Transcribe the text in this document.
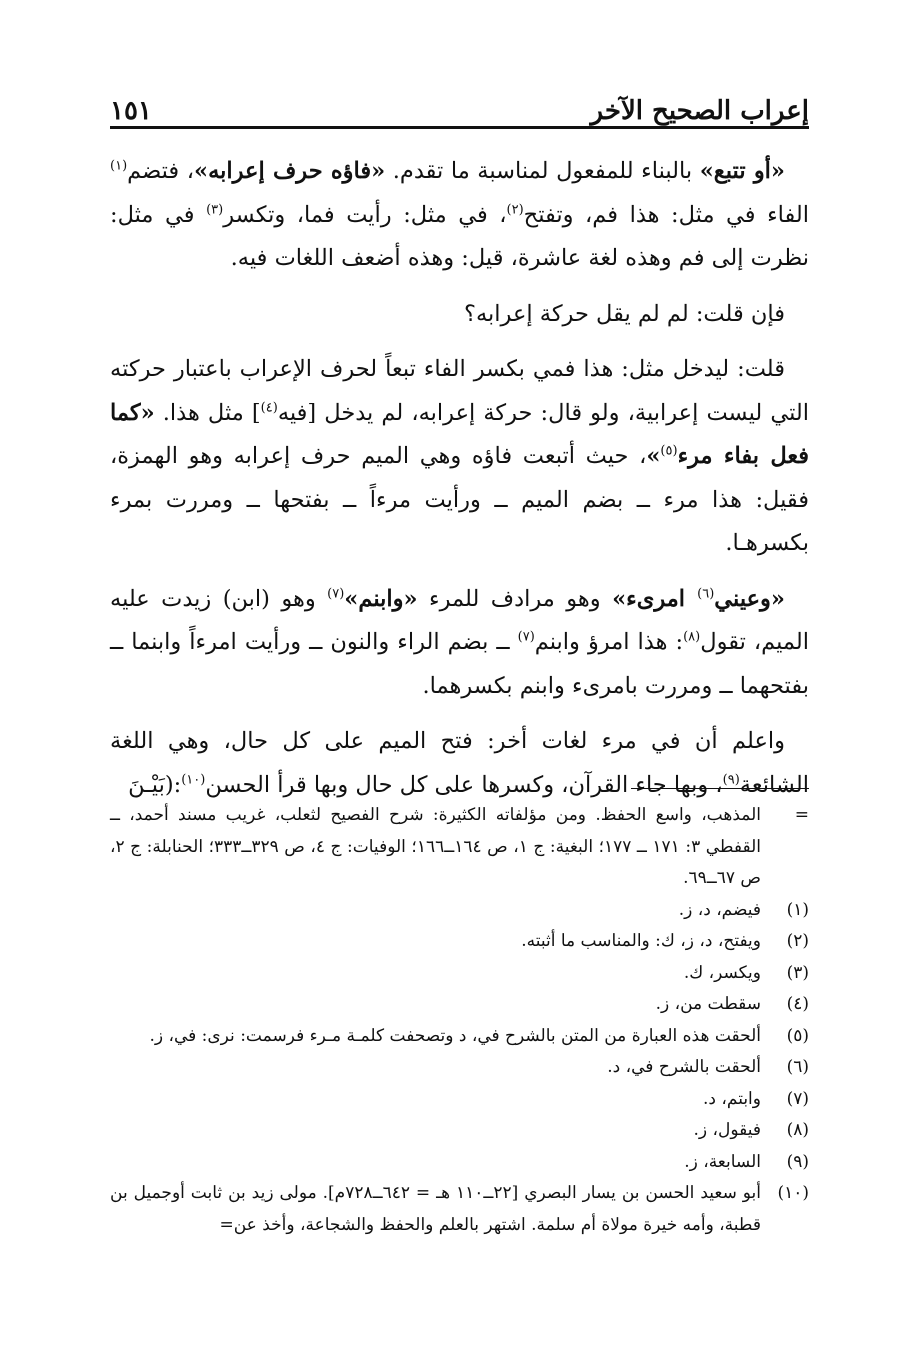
إعراب الصحيح الآخر
١٥١

«أو تتبع» بالبناء للمفعول لمناسبة ما تقدم. «فاؤه حرف إعرابه»، فتضم$^{(١)}$ الفاء في مثل: هذا فم، وتفتح$^{(٢)}$، في مثل: رأيت فما، وتكسر$^{(٣)}$ في مثل: نظرت إلى فم وهذه لغة عاشرة، قيل: وهذه أضعف اللغات فيه.

فإن قلت: لم لم يقل حركة إعرابه؟

قلت: ليدخل مثل: هذا فمي بكسر الفاء تبعاً لحرف الإعراب باعتبار حركته التي ليست إعرابية، ولو قال: حركة إعرابه، لم يدخل [فيه$^{(٤)}$] مثل هذا. «كما فعل بفاء مرء$^{(٥)}$»، حيث أتبعت فاؤه وهي الميم حرف إعرابه وهو الهمزة، فقيل: هذا مرء ــ بضم الميم ــ ورأيت مرءاً ــ بفتحها ــ ومررت بمرء بكسرهـا.

«وعيني$^{(٦)}$ امرىء» وهو مرادف للمرء «وابنم»$^{(٧)}$ وهو (ابن) زيدت عليه الميم، تقول$^{(٨)}$: هذا امرؤ وابنم$^{(٧)}$ ــ بضم الراء والنون ــ ورأيت امرءاً وابنما ــ بفتحهما ــ ومررت بامرىء وابنم بكسرهما.

واعلم أن في مرء لغات أخر: فتح الميم على كل حال، وهي اللغة الشائعة$^{(٩)}$، وبها جاء القرآن، وكسرها على كل حال وبها قرأ الحسن$^{(١٠)}$:(بَيْـنَ

=
المذهب، واسع الحفظ. ومن مؤلفاته الكثيرة: شرح الفصيح لثعلب، غريب مسند أحمد، ــ القفطي ٣: ١٧١ ــ ١٧٧؛ البغية: ج ١، ص ١٦٤ــ١٦٦؛ الوفيات: ج ٤، ص ٣٢٩ــ٣٣٣؛ الحنابلة: ج ٢، ص ٦٧ــ٦٩.
(١)
فيضم، د، ز.
(٢)
ويفتح، د، ز، ك: والمناسب ما أثبته.
(٣)
ويكسر، ك.
(٤)
سقطت من، ز.
(٥)
ألحقت هذه العبارة من المتن بالشرح في، د وتصحفت كلمـة مـرء فرسمت: نرى: في، ز.
(٦)
ألحقت بالشرح في، د.
(٧)
وابتم، د.
(٨)
فيقول، ز.
(٩)
السابعة، ز.
(١٠)
أبو سعيد الحسن بن يسار البصري [٢٢ــ١١٠ هـ = ٦٤٢ــ٧٢٨م]. مولى زيد بن ثابت أوجميل بن قطبة، وأمه خيرة مولاة أم سلمة. اشتهر بالعلم والحفظ والشجاعة، وأخذ عن=
